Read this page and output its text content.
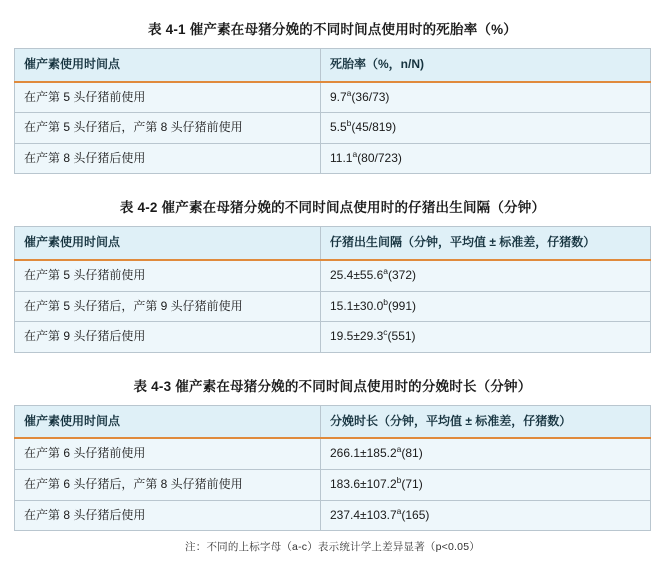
表 4-1 催产素在母猪分娩的不同时间点使用时的死胎率（%）
催产素使用时间点	死胎率（%，n/N)
在产第 5 头仔猪前使用	9.7$^a$(36/73)
在产第 5 头仔猪后，产第 8 头仔猪前使用	5.5$^b$(45/819)
在产第 8 头仔猪后使用	11.1$^a$(80/723)
表 4-2 催产素在母猪分娩的不同时间点使用时的仔猪出生间隔（分钟）
催产素使用时间点	仔猪出生间隔（分钟，平均值 ± 标准差，仔猪数）
在产第 5 头仔猪前使用	25.4±55.6$^a$(372)
在产第 5 头仔猪后，产第 9 头仔猪前使用	15.1±30.0$^b$(991)
在产第 9 头仔猪后使用	19.5±29.3$^c$(551)
表 4-3 催产素在母猪分娩的不同时间点使用时的分娩时长（分钟）
催产素使用时间点	分娩时长（分钟，平均值 ± 标准差，仔猪数）
在产第 6 头仔猪前使用	266.1±185.2$^a$(81)
在产第 6 头仔猪后，产第 8 头仔猪前使用	183.6±107.2$^b$(71)
在产第 8 头仔猪后使用	237.4±103.7$^a$(165)
注：不同的上标字母（a-c）表示统计学上差异显著（p<0.05）
